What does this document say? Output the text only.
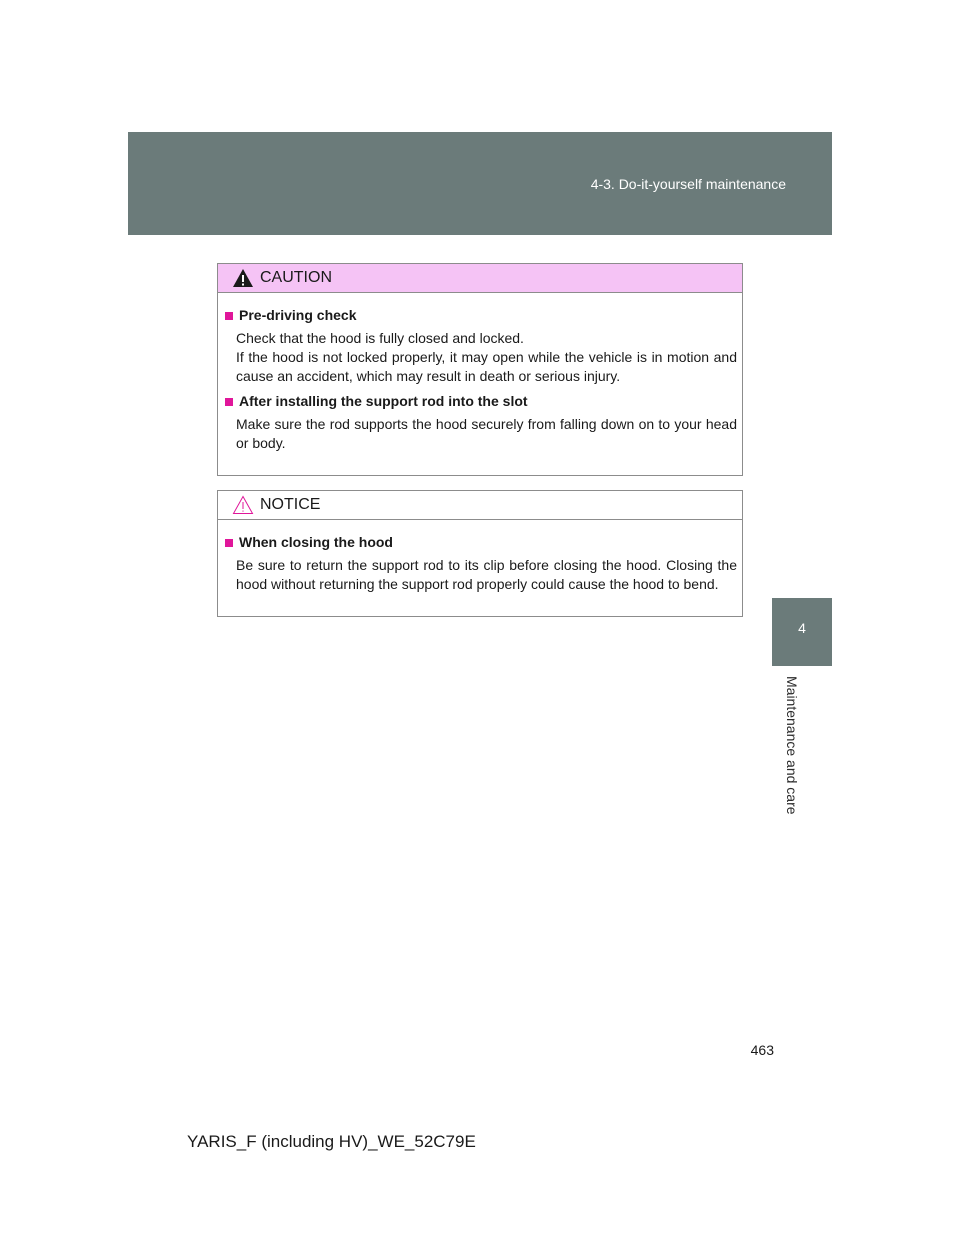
4-3. Do-it-yourself maintenance
4
Maintenance and care
CAUTION
Pre-driving check

Check that the hood is fully closed and locked.

If the hood is not locked properly, it may open while the vehicle is in motion and cause an accident, which may result in death or serious injury.

After installing the support rod into the slot

Make sure the rod supports the hood securely from falling down on to your head or body.

NOTICE
When closing the hood

Be sure to return the support rod to its clip before closing the hood. Closing the hood without returning the support rod properly could cause the hood to bend.

463
YARIS_F (including HV)_WE_52C79E
